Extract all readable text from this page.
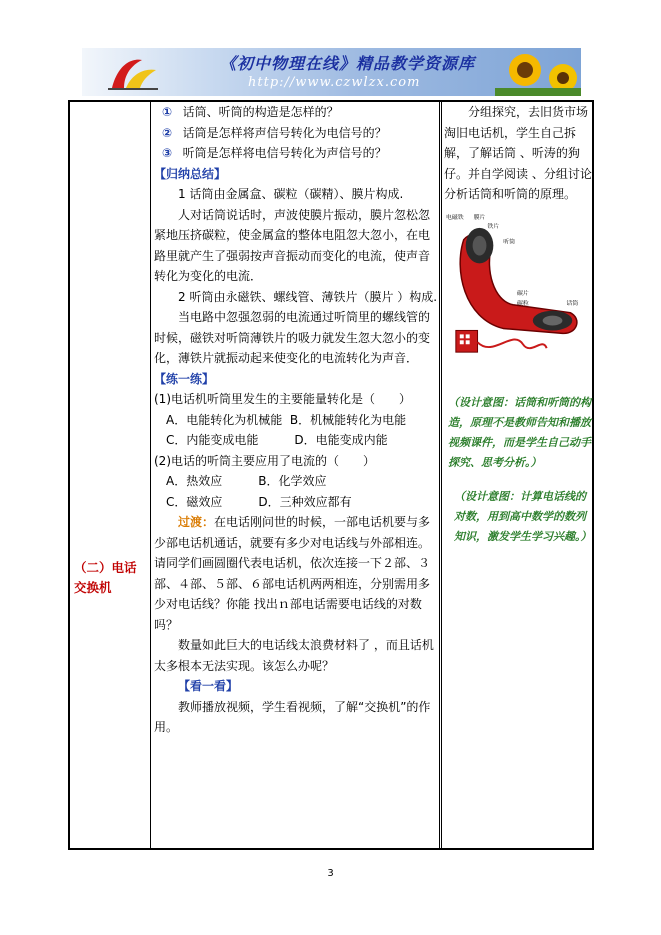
《初中物理在线》精品教学资源库
http://www.czwlzx.com
（二）电话交换机

① 话筒、听筒的构造是怎样的？

② 话筒是怎样将声信号转化为电信号的？

③ 听筒是怎样将电信号转化为声信号的？

【归纳总结】

1 话筒由金属盒、碳粒（碳精）、膜片构成.

人对话筒说话时，声波使膜片振动，膜片忽松忽紧地压挤碳粒，使金属盒的整体电阻忽大忽小，在电路里就产生了强弱按声音振动而变化的电流，使声音转化为变化的电流．

2 听筒由永磁铁、螺线管、薄铁片（膜片 ）构成.

当电路中忽强忽弱的电流通过听筒里的螺线管的时候，磁铁对听筒薄铁片的吸力就发生忽大忽小的变化，薄铁片就振动起来使变化的电流转化为声音．

【练一练】

(1)电话机听筒里发生的主要能量转化是（　　）

A．电能转化为机械能 B．机械能转化为电能

C．内能变成电能	D．电能变成内能

(2)电话的听筒主要应用了电流的（　　）

A．热效应	B．化学效应

C．磁效应	D．三种效应都有

过渡：在电话刚问世的时候，一部电话机要与多少部电话机通话，就要有多少对电话线与外部相连。请同学们画圆圈代表电话机，依次连接一下２部、３部、４部、５部、６部电话机两两相连，分别需用多少对电话线？你能 找出ｎ部电话需要电话线的对数吗？

数量如此巨大的电话线太浪费材料了 ，而且话机太多根本无法实现。该怎么办呢？

【看一看】

教师播放视频，学生看视频，了解“交换机”的作用。

分组探究，去旧货市场淘旧电话机，学生自己拆解，了解话筒 、听涛的狗仔。并自学阅读 、分组讨论分析话筒和听筒的原理。

电磁铁 膜片
铁片
听筒
碳片
碳粒	话筒

（设计意图：话筒和听筒的构造，原理不是教师告知和播放视频课件，而是学生自己动手探究、思考分析。）

（设计意图：计算电话线的对数，用到高中数学的数列知识，激发学生学习兴趣。）

3
